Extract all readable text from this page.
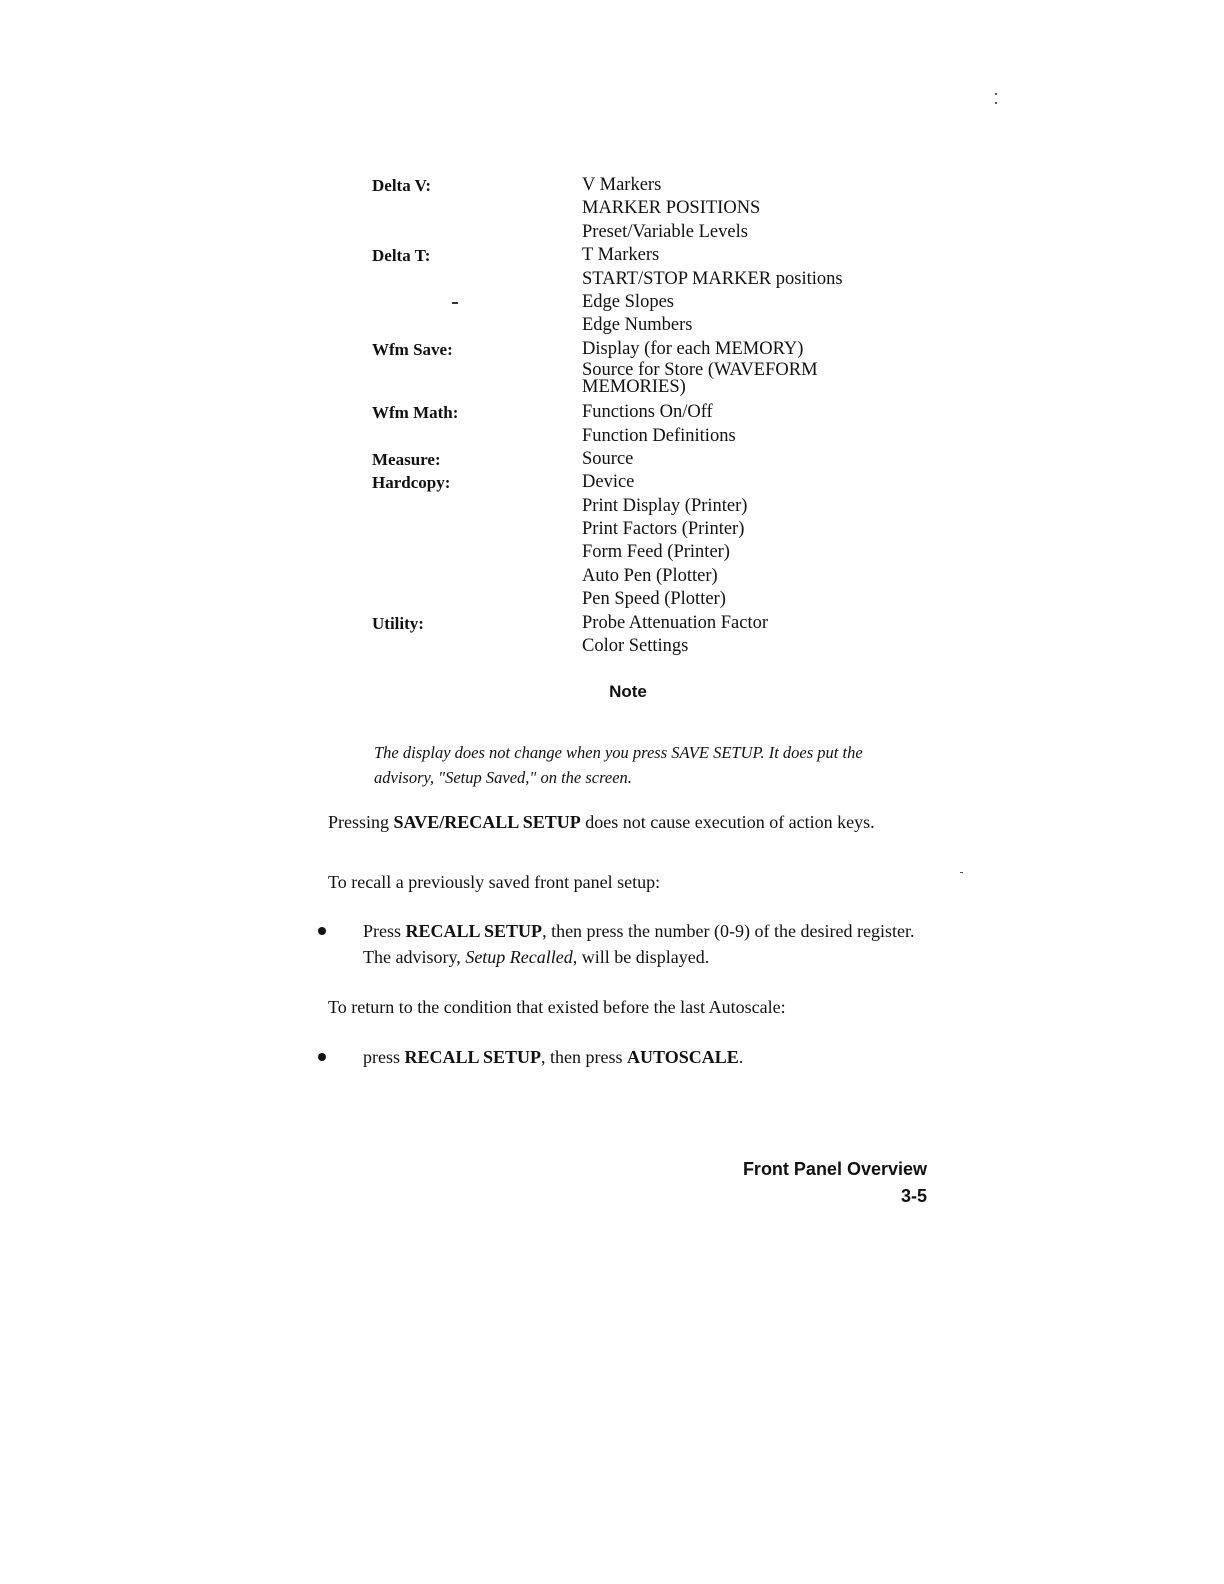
Delta V:	V Markers
MARKER POSITIONS
Preset/Variable Levels
Delta T:	T Markers
START/STOP MARKER positions
Edge Slopes
Edge Numbers
Wfm Save:	Display (for each MEMORY)
Source for Store (WAVEFORM MEMORIES)
Wfm Math:	Functions On/Off
Function Definitions
Measure:	Source
Hardcopy:	Device
Print Display (Printer)
Print Factors (Printer)
Form Feed (Printer)
Auto Pen (Plotter)
Pen Speed (Plotter)
Utility:	Probe Attenuation Factor
Color Settings
Note
The display does not change when you press SAVE SETUP. It does put the advisory, "Setup Saved," on the screen.
Pressing SAVE/RECALL SETUP does not cause execution of action keys.
To recall a previously saved front panel setup:
Press RECALL SETUP, then press the number (0-9) of the desired register. The advisory, Setup Recalled, will be displayed.
To return to the condition that existed before the last Autoscale:
press RECALL SETUP, then press AUTOSCALE.
Front Panel Overview
3-5
